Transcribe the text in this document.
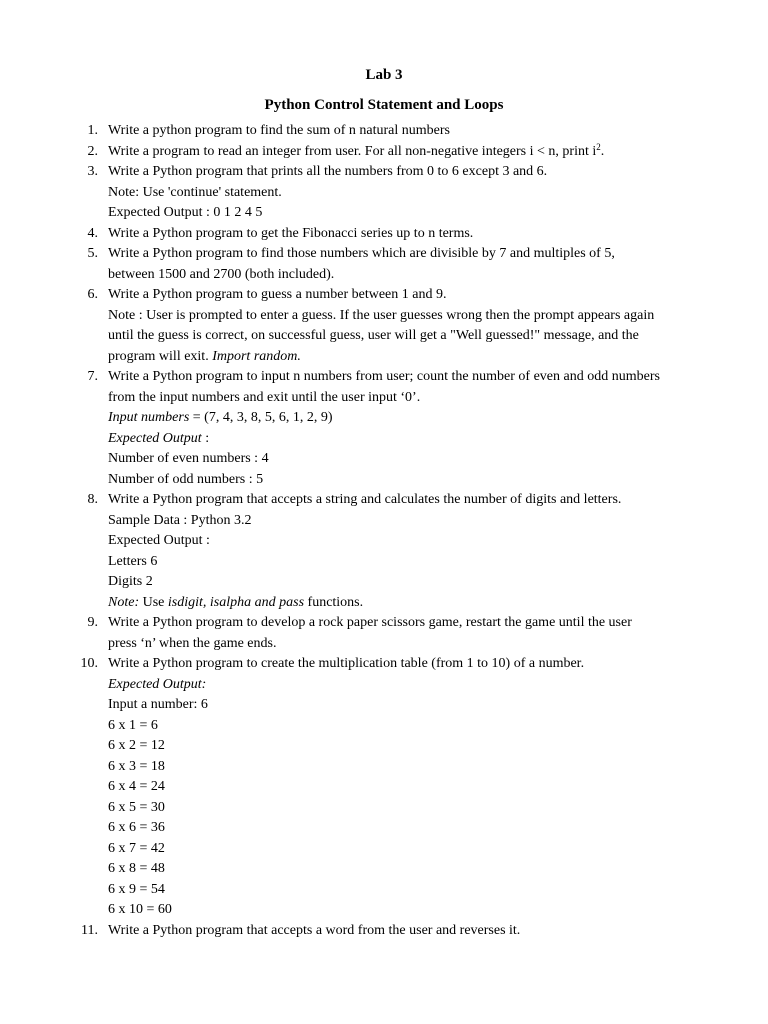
Lab 3
Python Control Statement and Loops
1. Write a python program to find the sum of n natural numbers
2. Write a program to read an integer from user. For all non-negative integers i < n, print $i^2$.
3. Write a Python program that prints all the numbers from 0 to 6 except 3 and 6.
Note: Use 'continue' statement.
Expected Output : 0 1 2 4 5
4. Write a Python program to get the Fibonacci series up to n terms.
5. Write a Python program to find those numbers which are divisible by 7 and multiples of 5,
between 1500 and 2700 (both included).
6. Write a Python program to guess a number between 1 and 9.
Note : User is prompted to enter a guess. If the user guesses wrong then the prompt appears again
until the guess is correct, on successful guess, user will get a "Well guessed!" message, and the
program will exit. Import random.
7. Write a Python program to input n numbers from user; count the number of even and odd numbers
from the input numbers and exit until the user input ‘0’.
Input numbers = (7, 4, 3, 8, 5, 6, 1, 2, 9)
Expected Output :
Number of even numbers : 4
Number of odd numbers : 5
8. Write a Python program that accepts a string and calculates the number of digits and letters.
Sample Data : Python 3.2
Expected Output :
Letters 6
Digits 2
Note: Use isdigit, isalpha and pass functions.
9. Write a Python program to develop a rock paper scissors game, restart the game until the user
press ‘n’ when the game ends.
10. Write a Python program to create the multiplication table (from 1 to 10) of a number.
Expected Output:
Input a number: 6
6 x 1 = 6
6 x 2 = 12
6 x 3 = 18
6 x 4 = 24
6 x 5 = 30
6 x 6 = 36
6 x 7 = 42
6 x 8 = 48
6 x 9 = 54
6 x 10 = 60
11. Write a Python program that accepts a word from the user and reverses it.
